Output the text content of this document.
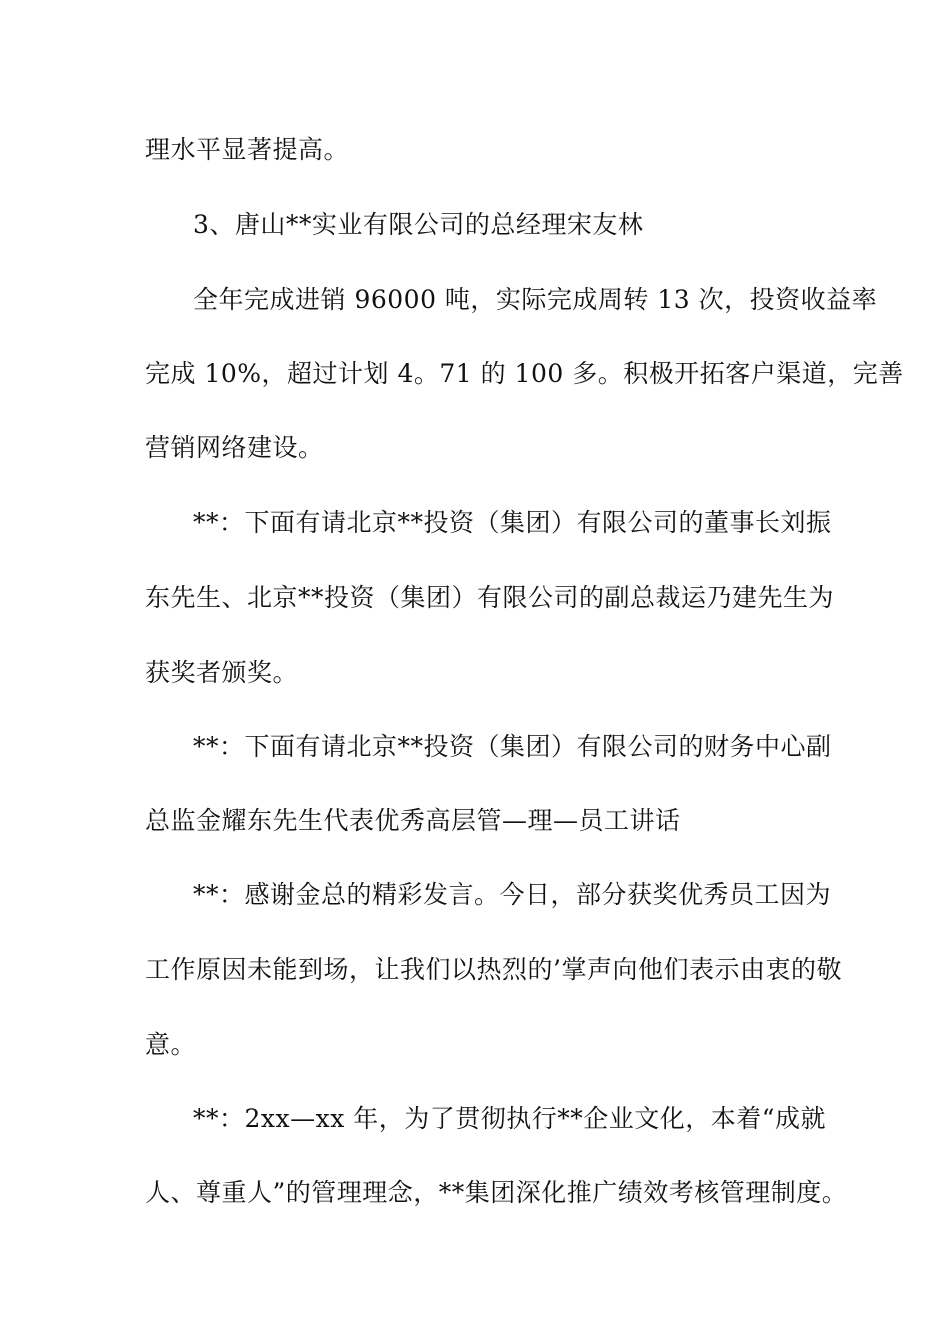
理水平显著提高。
3、唐山**实业有限公司的总经理宋友林
全年完成进销 96000 吨，实际完成周转 13 次，投资收益率
完成 10%，超过计划 4。71 的 100 多。积极开拓客户渠道，完善
营销网络建设。
**：下面有请北京**投资（集团）有限公司的董事长刘振
东先生、北京**投资（集团）有限公司的副总裁运乃建先生为
获奖者颁奖。
**：下面有请北京**投资（集团）有限公司的财务中心副
总监金耀东先生代表优秀高层管—理—员工讲话
**：感谢金总的精彩发言。今日，部分获奖优秀员工因为
工作原因未能到场，让我们以热烈的’掌声向他们表示由衷的敬
意。
**：2xx—xx 年，为了贯彻执行**企业文化，本着“成就
人、尊重人”的管理理念，**集团深化推广绩效考核管理制度。
